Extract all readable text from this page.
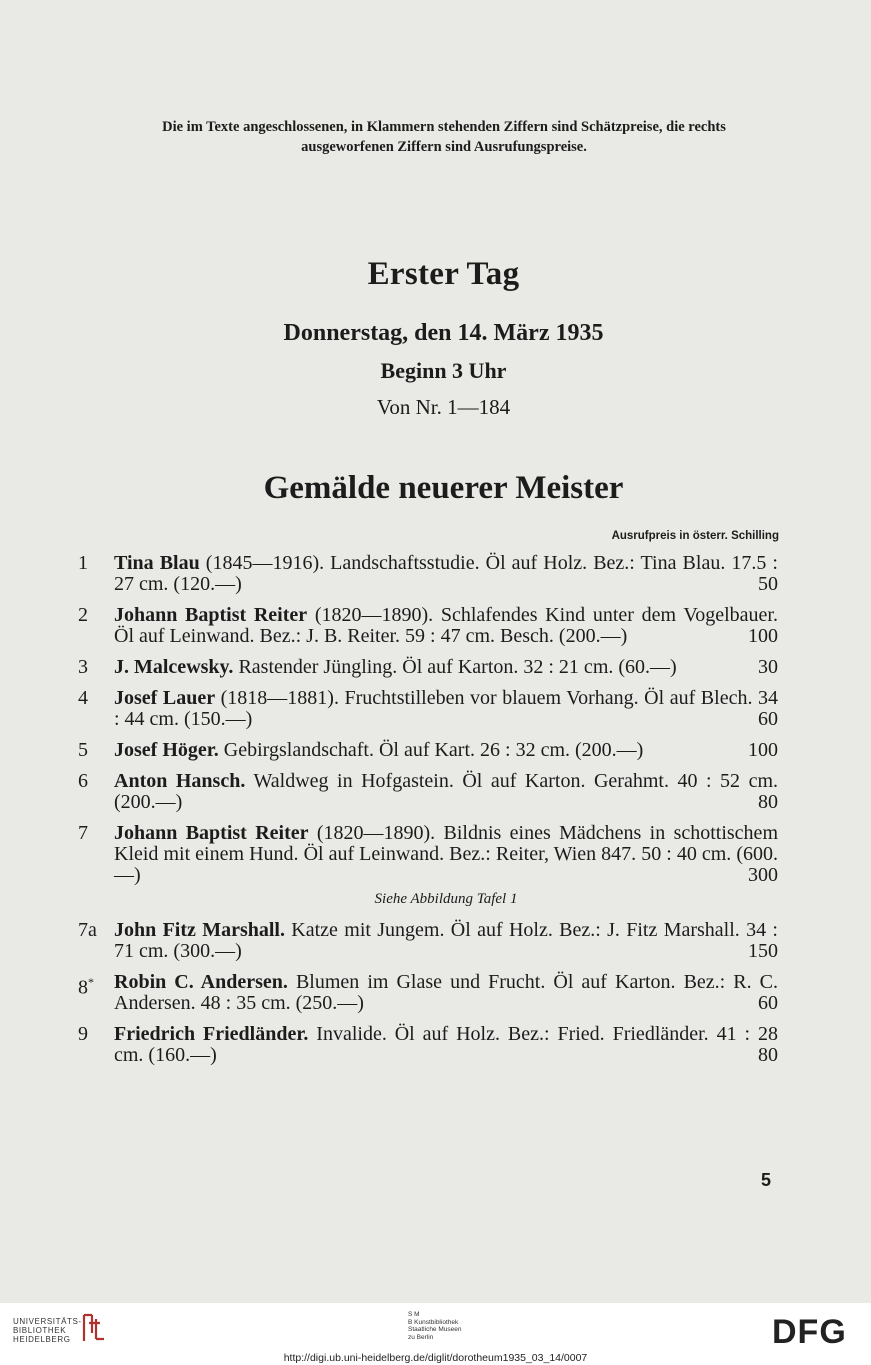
Die im Texte angeschlossenen, in Klammern stehenden Ziffern sind Schätzpreise, die rechts
ausgeworfenen Ziffern sind Ausrufungspreise.
Erster Tag
Donnerstag, den 14. März 1935
Beginn 3 Uhr
Von Nr. 1—184
Gemälde neuerer Meister
Ausrufpreis in österr. Schilling
1	Tina Blau (1845—1916). Landschaftsstudie. Öl auf Holz. Bez.: Tina Blau. 17.5 : 27 cm. (120.—)	50
2	Johann Baptist Reiter (1820—1890). Schlafendes Kind unter dem Vogelbauer. Öl auf Leinwand. Bez.: J. B. Reiter. 59 : 47 cm. Besch. (200.—)	100
3	J. Malcewsky. Rastender Jüngling. Öl auf Karton. 32 : 21 cm. (60.—)	30
4	Josef Lauer (1818—1881). Fruchtstilleben vor blauem Vorhang. Öl auf Blech. 34 : 44 cm. (150.—)	60
5	Josef Höger. Gebirgslandschaft. Öl auf Kart. 26 : 32 cm. (200.—)	100
6	Anton Hansch. Waldweg in Hofgastein. Öl auf Karton. Gerahmt. 40 : 52 cm. (200.—)	80
7	Johann Baptist Reiter (1820—1890). Bildnis eines Mädchens in schottischem Kleid mit einem Hund. Öl auf Leinwand. Bez.: Reiter, Wien 847. 50 : 40 cm. (600.—)	300
Siehe Abbildung Tafel 1
7a John Fitz Marshall. Katze mit Jungem. Öl auf Holz. Bez.: J. Fitz Marshall. 34 : 71 cm. (300.—)	150
8*	Robin C. Andersen. Blumen im Glase und Frucht. Öl auf Karton. Bez.: R. C. Andersen. 48 : 35 cm. (250.—)	60
9	Friedrich Friedländer. Invalide. Öl auf Holz. Bez.: Fried. Friedländer. 41 : 28 cm. (160.—)	80
5
UNIVERSITÄTS-
BIBLIOTHEK
HEIDELBERG
S M
B Kunstbibliothek
Staatliche Museen
zu Berlin	DFG
http://digi.ub.uni-heidelberg.de/diglit/dorotheum1935_03_14/0007
